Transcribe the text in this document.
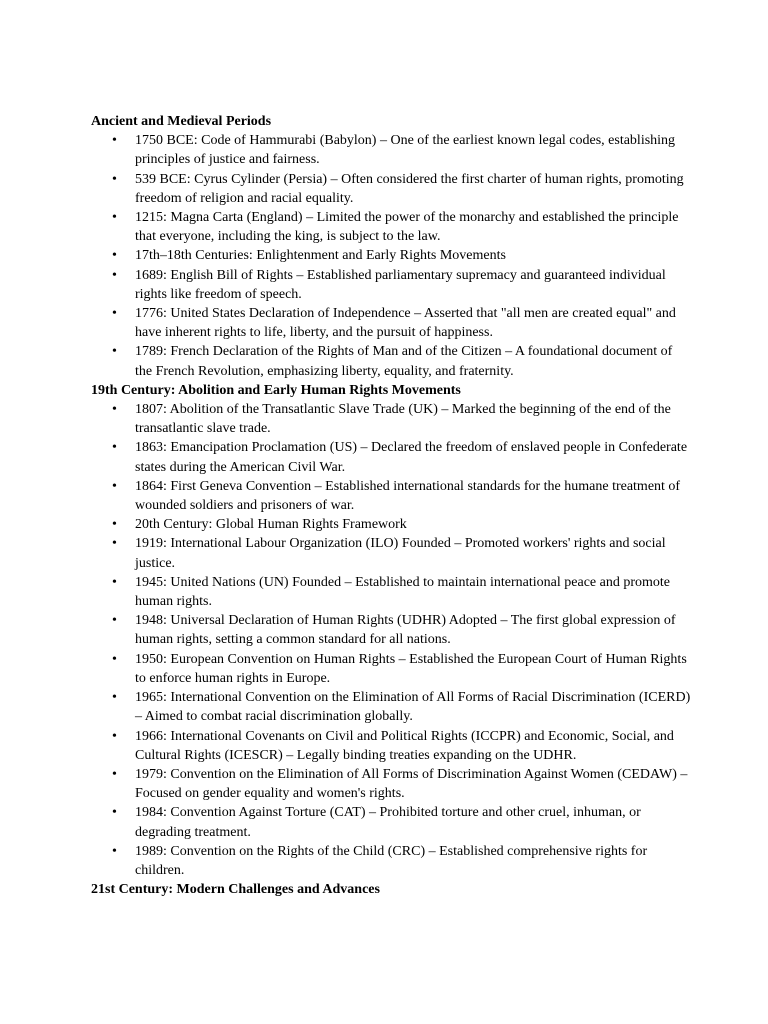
Ancient and Medieval Periods

• 1750 BCE: Code of Hammurabi (Babylon) – One of the earliest known legal codes, establishing principles of justice and fairness.
• 539 BCE: Cyrus Cylinder (Persia) – Often considered the first charter of human rights, promoting freedom of religion and racial equality.
• 1215: Magna Carta (England) – Limited the power of the monarchy and established the principle that everyone, including the king, is subject to the law.
• 17th–18th Centuries: Enlightenment and Early Rights Movements
• 1689: English Bill of Rights – Established parliamentary supremacy and guaranteed individual rights like freedom of speech.
• 1776: United States Declaration of Independence – Asserted that "all men are created equal" and have inherent rights to life, liberty, and the pursuit of happiness.
• 1789: French Declaration of the Rights of Man and of the Citizen – A foundational document of the French Revolution, emphasizing liberty, equality, and fraternity.

19th Century: Abolition and Early Human Rights Movements

• 1807: Abolition of the Transatlantic Slave Trade (UK) – Marked the beginning of the end of the transatlantic slave trade.
• 1863: Emancipation Proclamation (US) – Declared the freedom of enslaved people in Confederate states during the American Civil War.
• 1864: First Geneva Convention – Established international standards for the humane treatment of wounded soldiers and prisoners of war.
• 20th Century: Global Human Rights Framework
• 1919: International Labour Organization (ILO) Founded – Promoted workers' rights and social justice.
• 1945: United Nations (UN) Founded – Established to maintain international peace and promote human rights.
• 1948: Universal Declaration of Human Rights (UDHR) Adopted – The first global expression of human rights, setting a common standard for all nations.
• 1950: European Convention on Human Rights – Established the European Court of Human Rights to enforce human rights in Europe.
• 1965: International Convention on the Elimination of All Forms of Racial Discrimination (ICERD) – Aimed to combat racial discrimination globally.
• 1966: International Covenants on Civil and Political Rights (ICCPR) and Economic, Social, and Cultural Rights (ICESCR) – Legally binding treaties expanding on the UDHR.
• 1979: Convention on the Elimination of All Forms of Discrimination Against Women (CEDAW) – Focused on gender equality and women's rights.
• 1984: Convention Against Torture (CAT) – Prohibited torture and other cruel, inhuman, or degrading treatment.
• 1989: Convention on the Rights of the Child (CRC) – Established comprehensive rights for children.

21st Century: Modern Challenges and Advances
